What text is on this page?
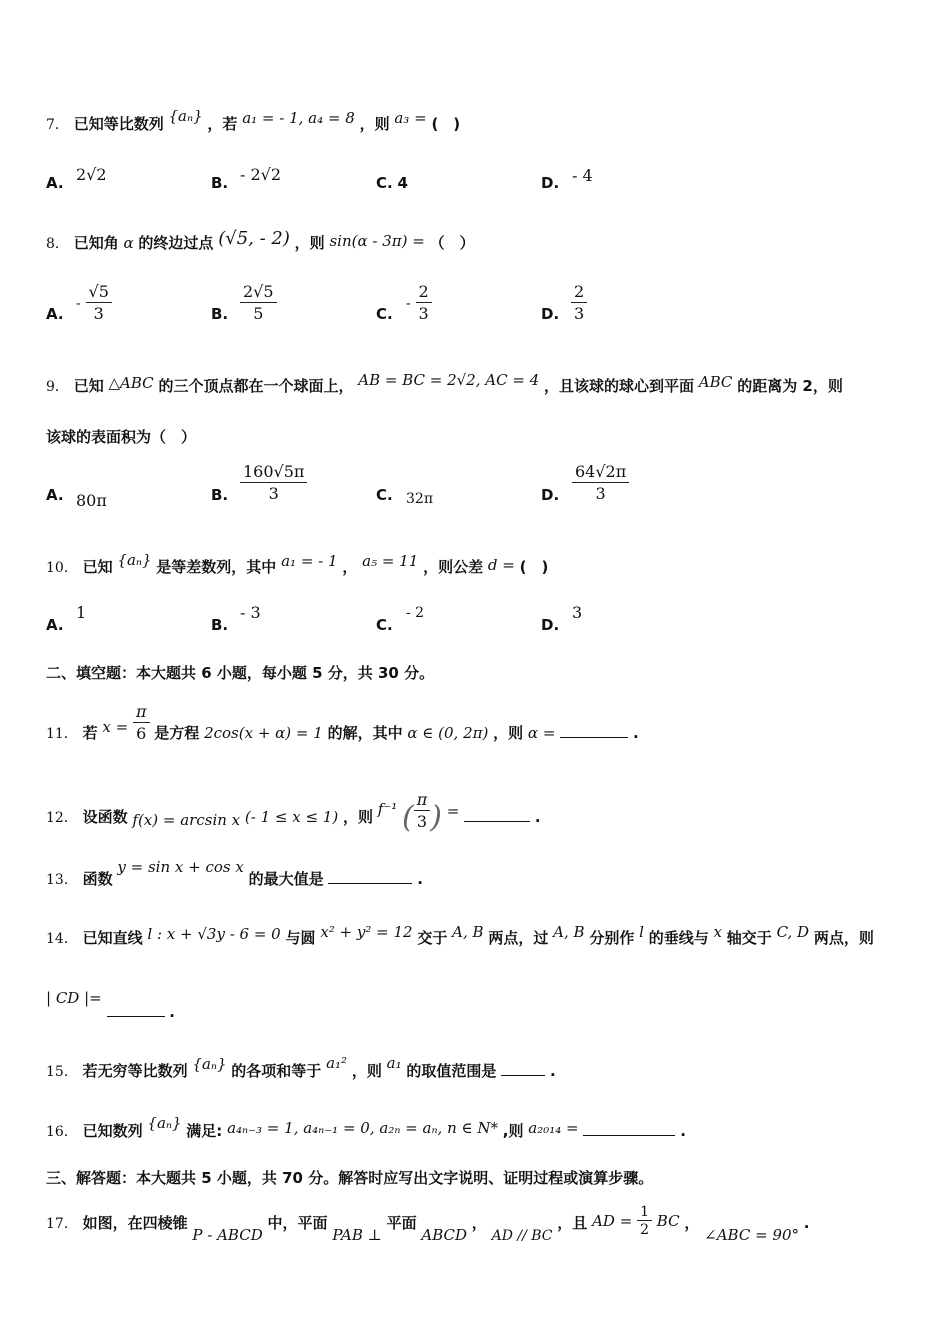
7． 已知等比数列 {aₙ} ，若 a₁ = - 1, a₄ = 8 ，则 a₃ = (　)
A. 2√2	B. - 2√2	C. 4	D. - 4
8． 已知角 α 的终边过点 (√5, - 2) ，则 sin(α - 3π) = （　）
A.
- $\frac{√5}{3}$	B. $\frac{2√5}{5}$	C.
- $\frac{2}{3}$	D. $\frac{2}{3}$
9． 已知 △ABC 的三个顶点都在一个球面上， AB = BC = 2√2, AC = 4 ，且该球的球心到平面 ABC 的距离为 2，则
该球的表面积为（　）
A. 80π	B. $\frac{160√5\pi}{3}$	C. 32π	D. $\frac{64√2\pi}{3}$
10． 已知 {aₙ} 是等差数列，其中 a₁ = - 1 ， a₅ = 11 ，则公差 d = (　)
A.
1
B.
- 3
C.
- 2
D.
3
二、填空题：本大题共 6 小题，每小题 5 分，共 30 分。
11． 若 $x = \frac{\pi}{6}$ 是方程 2cos(x + α) = 1 的解，其中 α ∈ (0, 2π) ，则 α =	.
12． 设函数 f(x) = arcsin x (- 1 ≤ x ≤ 1) ，则 f⁻¹ ( $\frac{\pi}{3}$ ) =	.
13． 函数 y = sin x + cos x 的最大值是	.
14． 已知直线 l : x + √3y - 6 = 0 与圆 x² + y² = 12 交于 A, B 两点，过 A, B 分别作 l 的垂线与 x 轴交于 C, D 两点，则
| CD |=  .
15． 若无穷等比数列 {aₙ} 的各项和等于 a₁² ，则 a₁ 的取值范围是	.
16． 已知数列 {aₙ} 满足: a₄ₙ₋₃ = 1, a₄ₙ₋₁ = 0, a₂ₙ = aₙ, n ∈ N* ,则 a₂₀₁₄ =	.
三、解答题：本大题共 5 小题，共 70 分。解答时应写出文字说明、证明过程或演算步骤。
17． 如图，在四棱锥 P - ABCD 中，平面 PAB ⊥ 平面 ABCD ， AD // BC ，且 AD = $\frac{1}{2}$ BC ， ∠ABC = 90° .
